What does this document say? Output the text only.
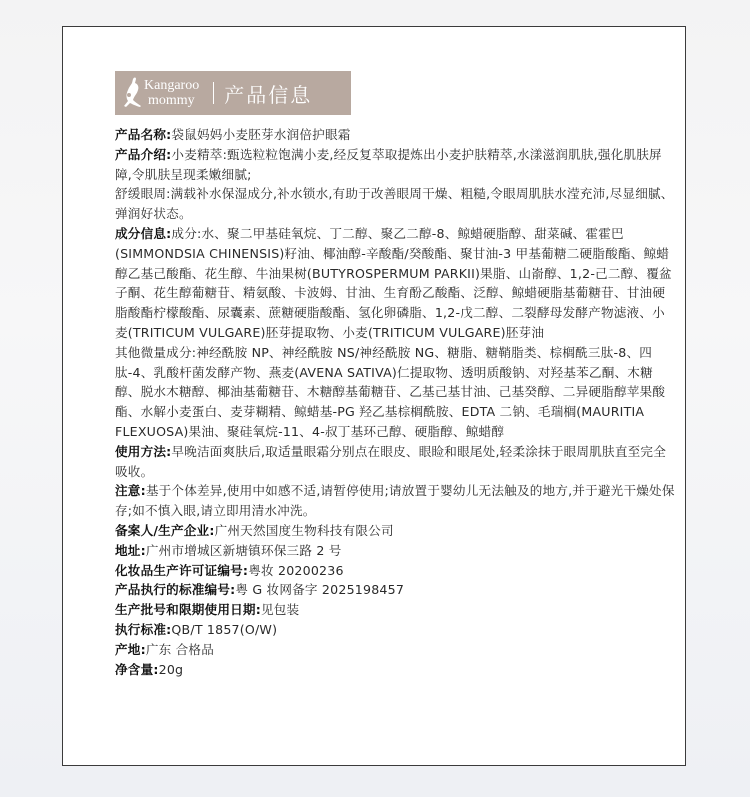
Kangaroo
mommy 产品信息

产品名称:袋鼠妈妈小麦胚芽水润倍护眼霜

产品介绍:小麦精萃:甄选粒粒饱满小麦,经反复萃取提炼出小麦护肤精萃,水漾滋润肌肤,强化肌肤屏障,令肌肤呈现柔嫩细腻;

舒缓眼周:满载补水保湿成分,补水锁水,有助于改善眼周干燥、粗糙,令眼周肌肤水滢充沛,尽显细腻、弹润好状态。

成分信息:成分:水、聚二甲基硅氧烷、丁二醇、聚乙二醇-8、鲸蜡硬脂醇、甜菜碱、霍霍巴(SIMMONDSIA CHINENSIS)籽油、椰油醇-辛酸酯/癸酸酯、聚甘油-3 甲基葡糖二硬脂酸酯、鲸蜡醇乙基己酸酯、花生醇、牛油果树(BUTYROSPERMUM PARKII)果脂、山嵛醇、1,2-己二醇、覆盆子酮、花生醇葡糖苷、精氨酸、卡波姆、甘油、生育酚乙酸酯、泛醇、鲸蜡硬脂基葡糖苷、甘油硬脂酸酯柠檬酸酯、尿囊素、蔗糖硬脂酸酯、氢化卵磷脂、1,2-戊二醇、二裂酵母发酵产物滤液、小麦(TRITICUM VULGARE)胚芽提取物、小麦(TRITICUM VULGARE)胚芽油

其他微量成分:神经酰胺 NP、神经酰胺 NS/神经酰胺 NG、糖脂、糖鞘脂类、棕榈酰三肽-8、四肽-4、乳酸杆菌发酵产物、燕麦(AVENA SATIVA)仁提取物、透明质酸钠、对羟基苯乙酮、木糖醇、脱水木糖醇、椰油基葡糖苷、木糖醇基葡糖苷、乙基己基甘油、己基癸醇、二异硬脂醇苹果酸酯、水解小麦蛋白、麦芽糊精、鲸蜡基-PG 羟乙基棕榈酰胺、EDTA 二钠、毛瑞榈(MAURITIA FLEXUOSA)果油、聚硅氧烷-11、4-叔丁基环己醇、硬脂醇、鲸蜡醇

使用方法:早晚洁面爽肤后,取适量眼霜分别点在眼皮、眼睑和眼尾处,轻柔涂抹于眼周肌肤直至完全吸收。

注意:基于个体差异,使用中如感不适,请暂停使用;请放置于婴幼儿无法触及的地方,并于避光干燥处保存;如不慎入眼,请立即用清水冲洗。

备案人/生产企业:广州天然国度生物科技有限公司

地址:广州市增城区新塘镇环保三路 2 号

化妆品生产许可证编号:粤妆 20200236

产品执行的标准编号:粤 G 妆网备字 2025198457

生产批号和限期使用日期:见包装

执行标准:QB/T 1857(O/W)

产地:广东 合格品

净含量:20g
